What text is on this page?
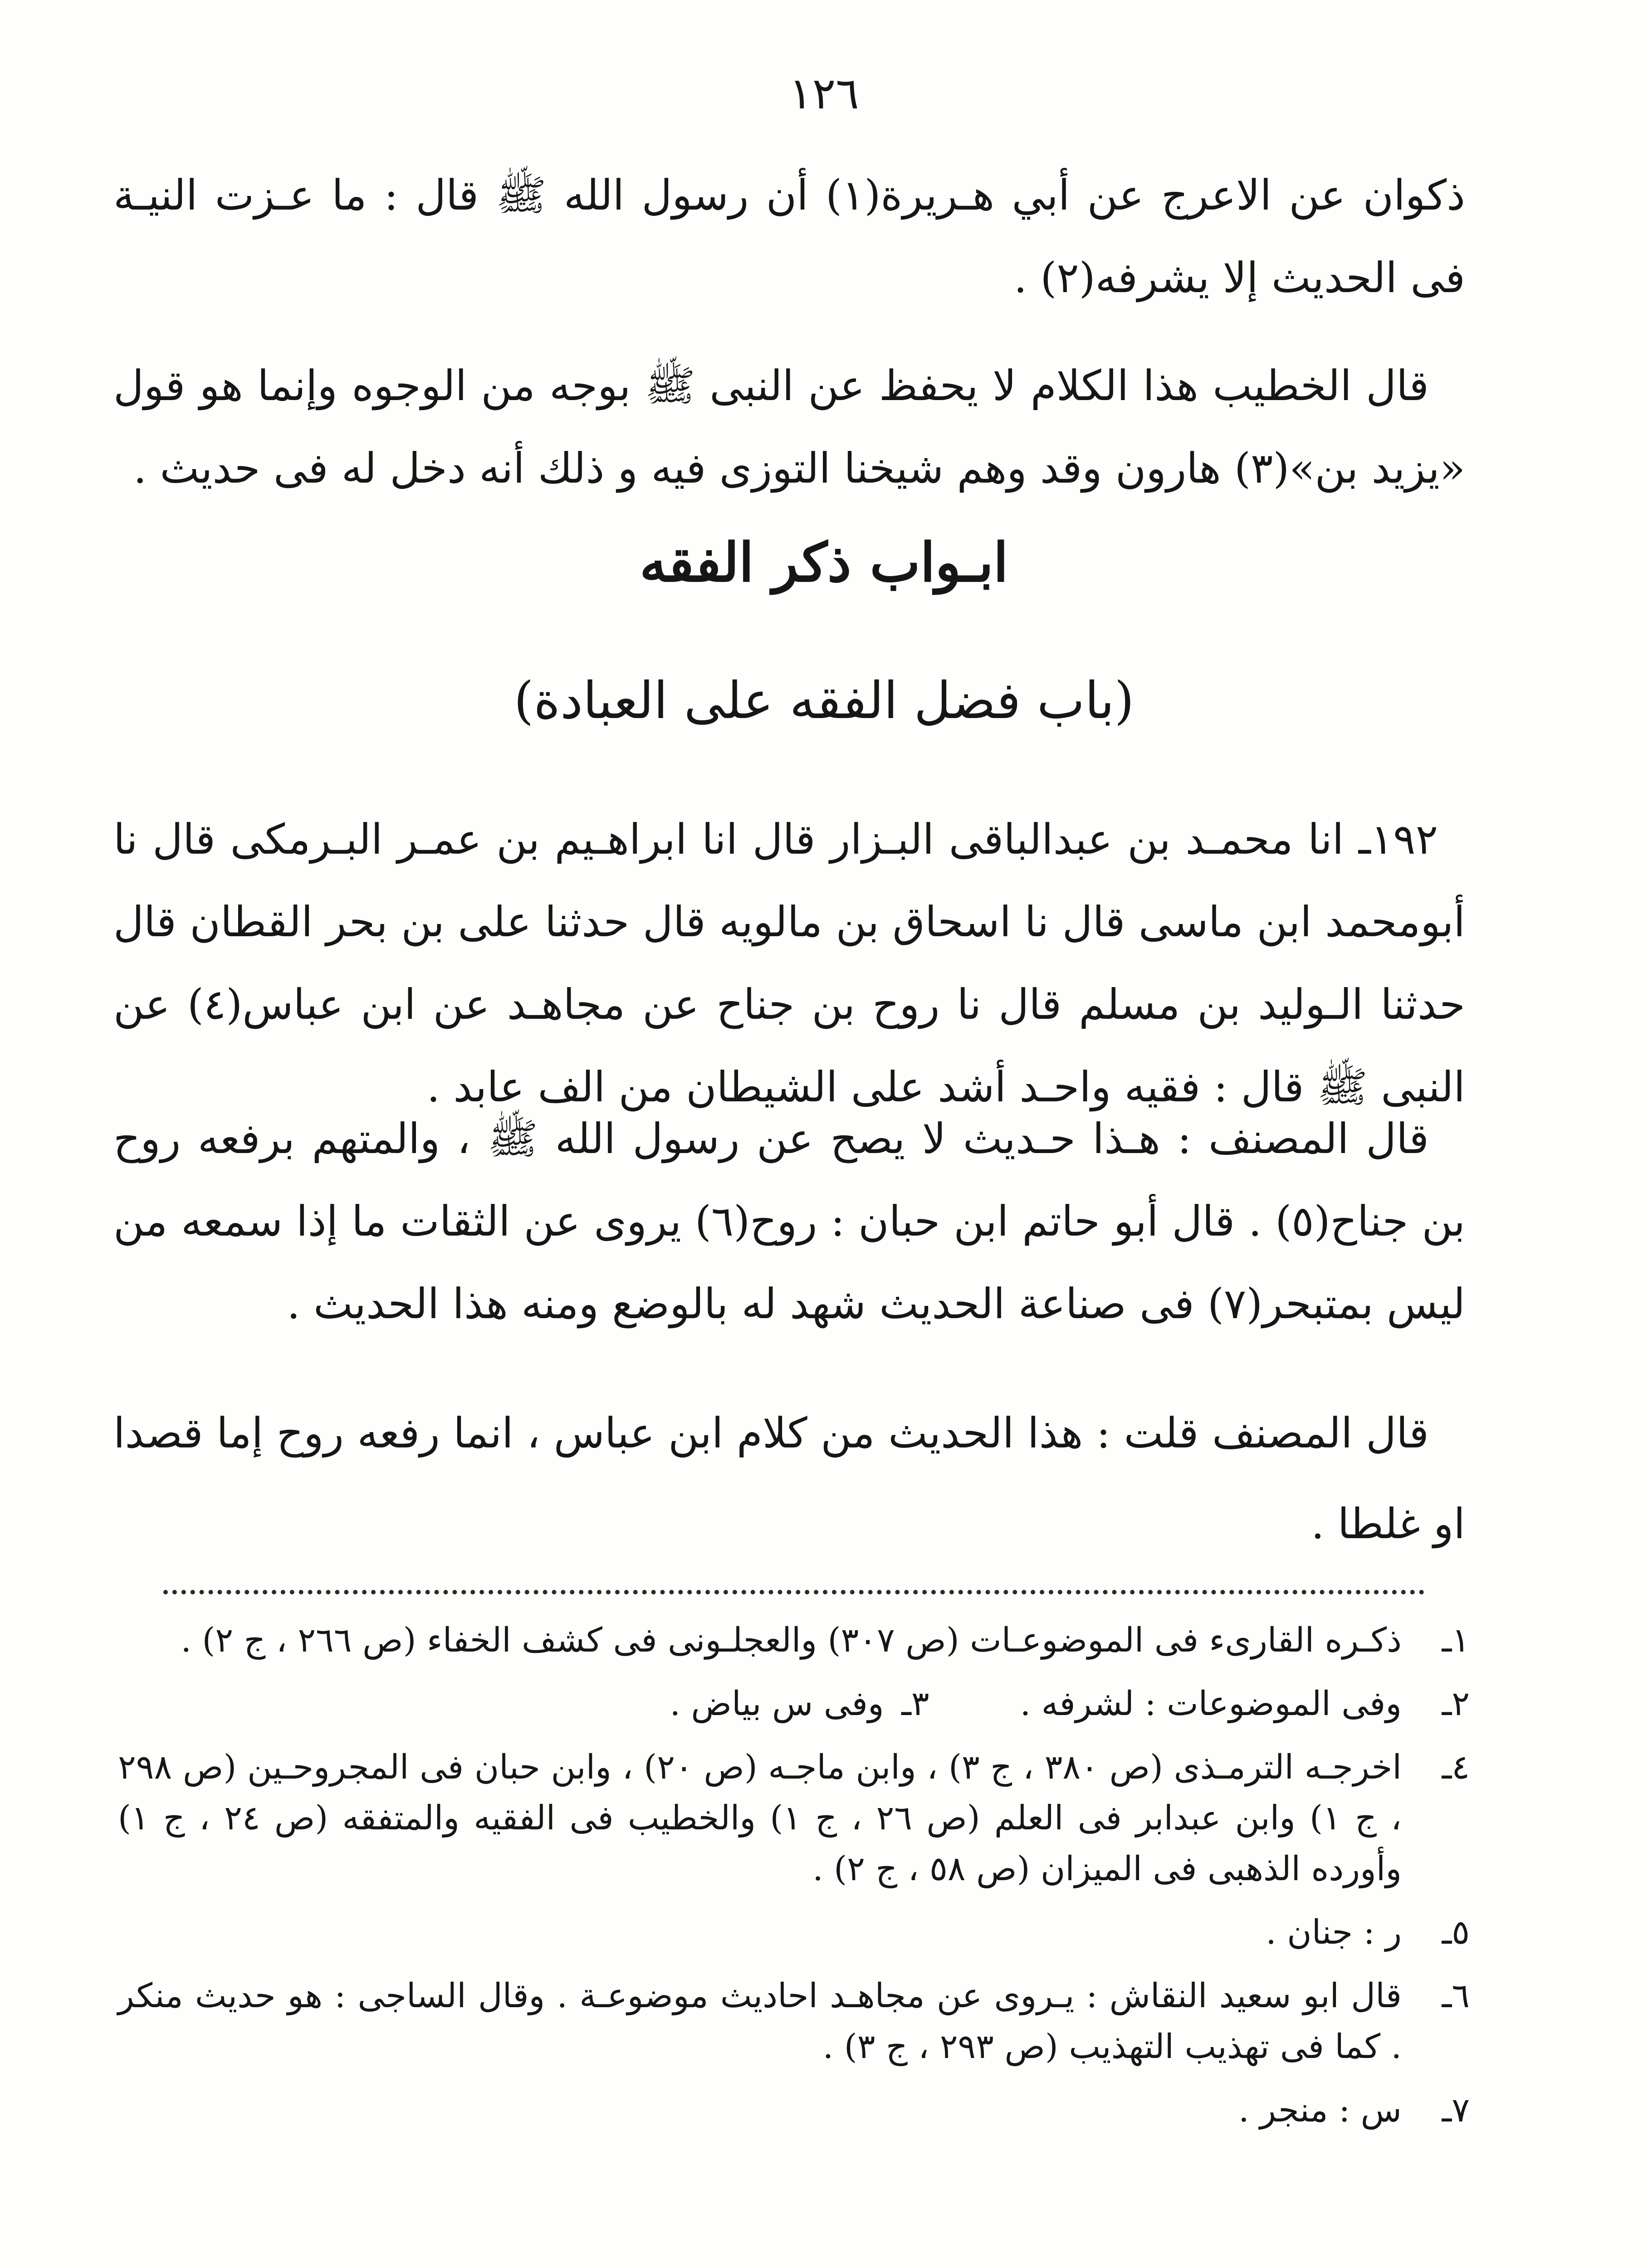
١٢٦
ذكوان عن الاعرج عن أبي هـريرة(١) أن رسول الله ﷺ قال : ما عـزت النيـة فى الحديث إلا يشرفه(٢) .
قال الخطيب هذا الكلام لا يحفظ عن النبى ﷺ بوجه من الوجوه وإنما هو قول «يزيد بن»(٣) هارون وقد وهم شيخنا التوزى فيه و ذلك أنه دخل له فى حديث .
ابـواب ذكر الفقه
(باب فضل الفقه على العبادة)
١٩٢ـ انا محمـد بن عبدالباقى البـزار قال انا ابراهـيم بن عمـر البـرمكى قال نا أبومحمد ابن ماسى قال نا اسحاق بن مالويه قال حدثنا على بن بحر القطان قال حدثنا الـوليد بن مسلم قال نا روح بن جناح عن مجاهـد عن ابن عباس(٤) عن النبى ﷺ قال : فقيه واحـد أشد على الشيطان من الف عابد .
قال المصنف : هـذا حـديث لا يصح عن رسول الله ﷺ ، والمتهم برفعه روح بن جناح(٥) . قال أبو حاتم ابن حبان : روح(٦) يروى عن الثقات ما إذا سمعه من ليس بمتبحر(٧) فى صناعة الحديث شهد له بالوضع ومنه هذا الحديث .
قال المصنف قلت : هذا الحديث من كلام ابن عباس ، انما رفعه روح إما قصدا او غلطا .
١ـ
ذكـره القارىء فى الموضوعـات (ص ٣٠٧) والعجلـونى فى كشف الخفاء (ص ٢٦٦ ، ج ٢) .
٢ـ
وفى الموضوعات : لشرفه .
٣ـ
وفى س بياض .
٤ـ
اخرجـه الترمـذى (ص ٣٨٠ ، ج ٣) ، وابن ماجـه (ص ٢٠) ، وابن حبان فى المجروحـين (ص ٢٩٨ ، ج ١) وابن عبدابر فى العلم (ص ٢٦ ، ج ١) والخطيب فى الفقيه والمتفقه (ص ٢٤ ، ج ١) وأورده الذهبى فى الميزان (ص ٥٨ ، ج ٢) .
٥ـ
ر : جنان .
٦ـ
قال ابو سعيد النقاش : يـروى عن مجاهـد احاديث موضوعـة . وقال الساجى : هو حديث منكر . كما فى تهذيب التهذيب (ص ٢٩٣ ، ج ٣) .
٧ـ
س : منجر .
